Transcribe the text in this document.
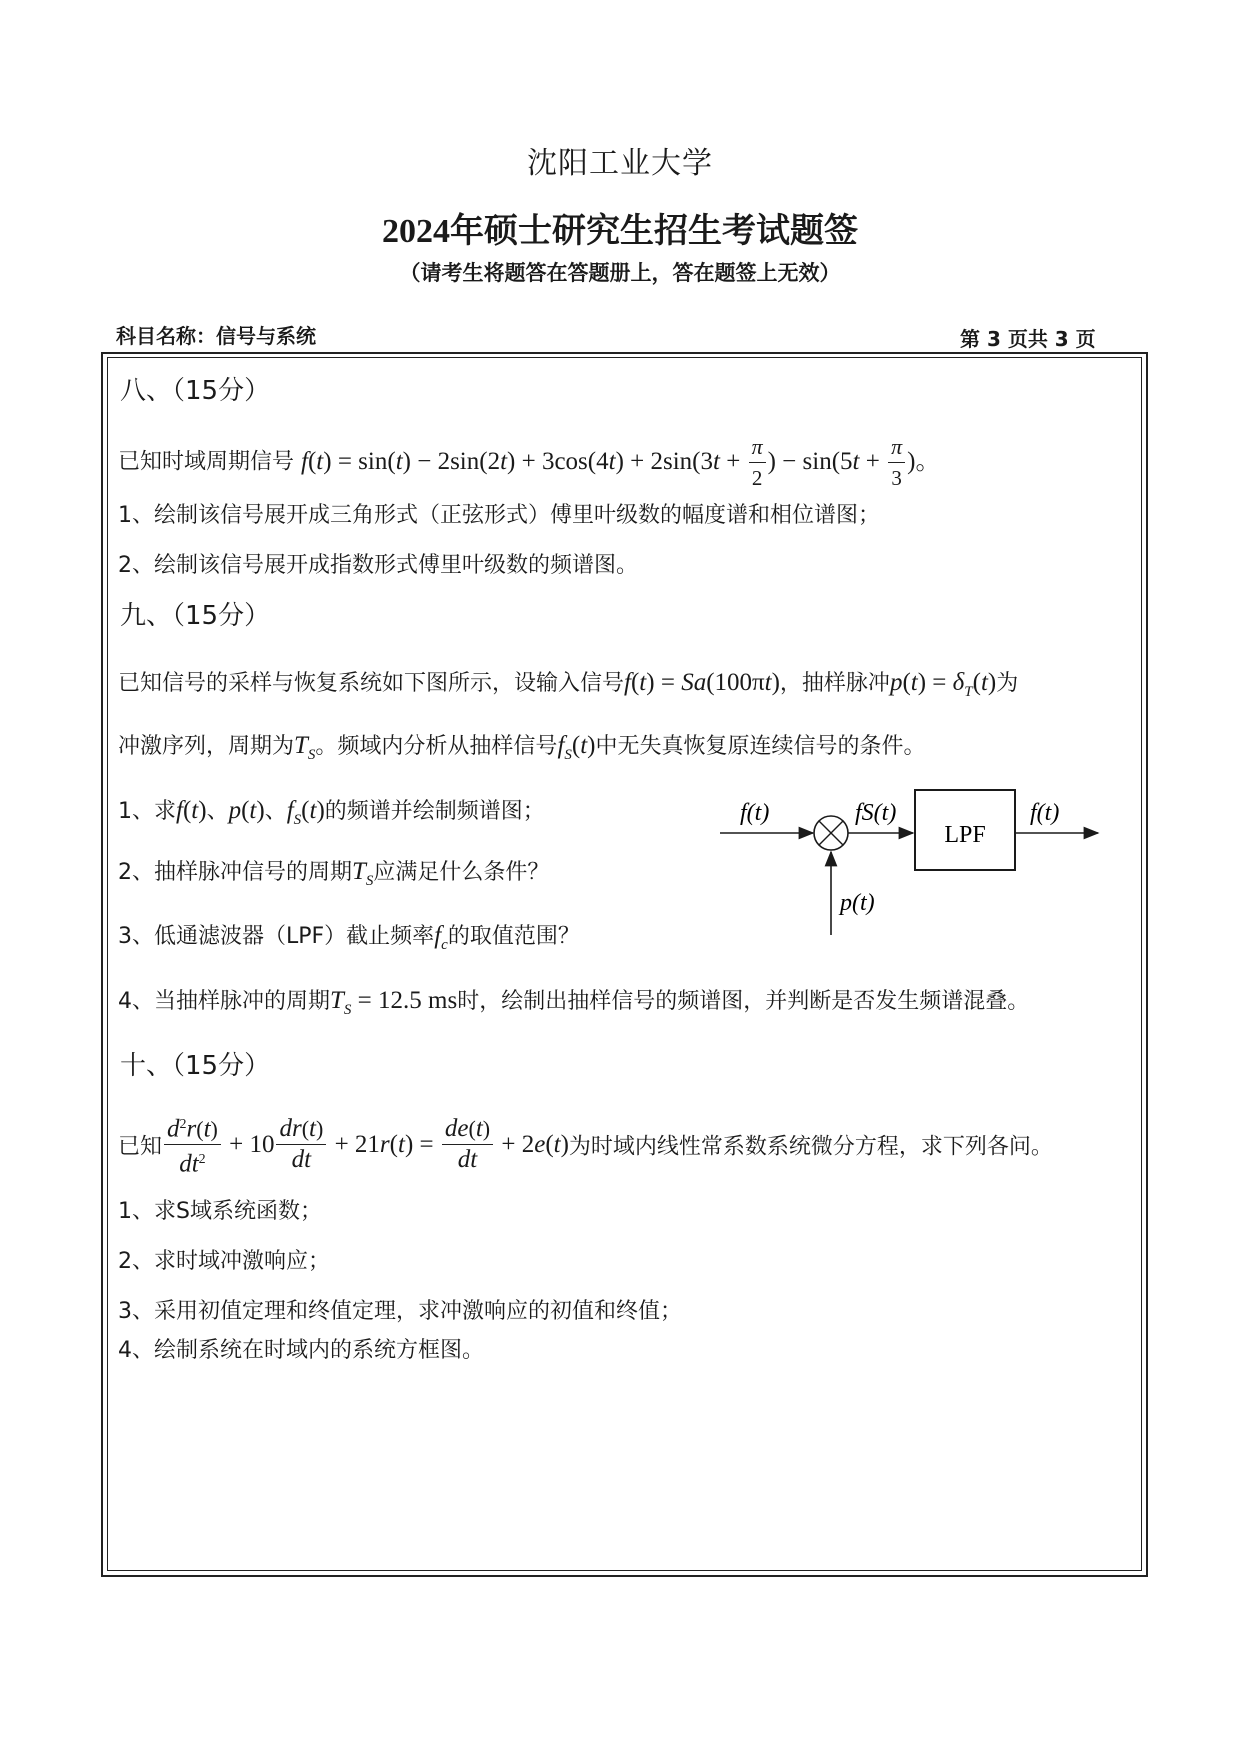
沈阳工业大学
2024年硕士研究生招生考试题签
（请考生将题答在答题册上，答在题签上无效）
科目名称：信号与系统	第 3 页共 3 页
八、（15分）
已知时域周期信号 $f(t) = \sin(t) - 2\sin(2t) + 3\cos(4t) + 2\sin(3t + \frac{\pi}{2}$ ) − $\sin(5t + \frac{\pi}{3}$ )。
1、绘制该信号展开成三角形式（正弦形式）傅里叶级数的幅度谱和相位谱图；
2、绘制该信号展开成指数形式傅里叶级数的频谱图。
九、（15分）
已知信号的采样与恢复系统如下图所示，设输入信号f(t) = Sa(100πt)，抽样脉冲$p(t) = \delta_T(t)$为
冲激序列，周期为$T_S$。频域内分析从抽样信号$f_S(t)$中无失真恢复原连续信号的条件。
1、求f(t)、p(t)、$f_S(t)$的频谱并绘制频谱图；
2、抽样脉冲信号的周期$T_S$应满足什么条件？
3、低通滤波器（LPF）截止频率$f_c$的取值范围？
4、当抽样脉冲的周期$T_S = 12.5$ ms时，绘制出抽样信号的频谱图，并判断是否发生频谱混叠。
f(t)	fS(t)
LPF
f(t)
p(t)
十、（15分）
已知 $\frac{d^2r(t)}{dt^2} + 10 \frac{dr(t)}{dt} + 21r(t) = \frac{de(t)}{dt} + 2e(t)$为时域内线性常系数系统微分方程，求下列各问。
1、求S域系统函数；
2、求时域冲激响应；
3、采用初值定理和终值定理，求冲激响应的初值和终值；
4、绘制系统在时域内的系统方框图。
